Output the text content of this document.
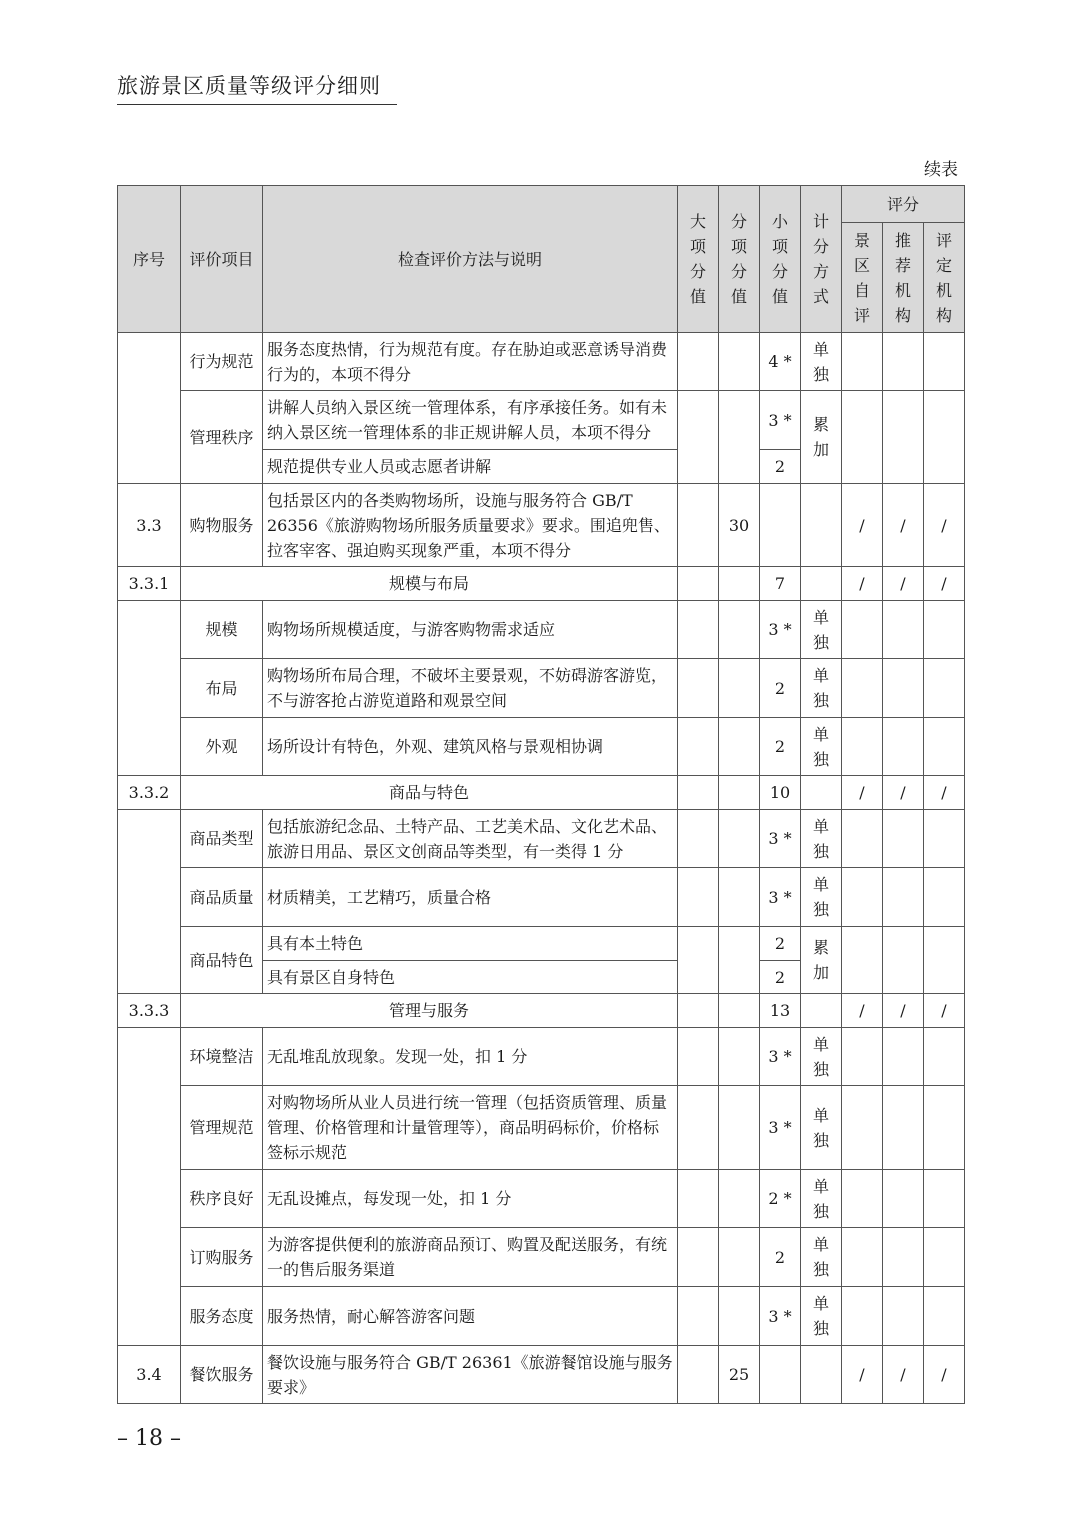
旅游景区质量等级评分细则
续表
序号	评价项目	检查评价方法与说明	大项分值	分项分值	小项分值	计分方式	评分		

							景区自评	推荐机构	评定机构

	行为规范	服务态度热情，行为规范有度。存在胁迫或恶意诱导消费行为的，本项不得分			4 *	单独			

	管理秩序	讲解人员纳入景区统一管理体系，有序承接任务。如有未纳入景区统一管理体系的非正规讲解人员，本项不得分			3 *	累加			

		规范提供专业人员或志愿者讲解			2				
3.3	购物服务	包括景区内的各类购物场所，设施与服务符合 GB/T 26356《旅游购物场所服务质量要求》要求。围追兜售、拉客宰客、强迫购买现象严重，本项不得分		30			/	/	/
3.3.1	规模与布局				7		/	/	/
	规模	购物场所规模适度，与游客购物需求适应			3 *	单独			

	布局	购物场所布局合理，不破坏主要景观，不妨碍游客游览，不与游客抢占游览道路和观景空间			2	单独			

	外观	场所设计有特色，外观、建筑风格与景观相协调			2	单独			

3.3.2	商品与特色				10		/	/	/
	商品类型	包括旅游纪念品、土特产品、工艺美术品、文化艺术品、旅游日用品、景区文创商品等类型，有一类得 1 分			3 *	单独			

	商品质量	材质精美，工艺精巧，质量合格			3 *	单独			

	商品特色	具有本土特色			2	累加			

		具有景区自身特色			2				
3.3.3	管理与服务				13		/	/	/
	环境整洁	无乱堆乱放现象。发现一处，扣 1 分			3 *	单独			

	管理规范	对购物场所从业人员进行统一管理（包括资质管理、质量管理、价格管理和计量管理等），商品明码标价，价格标签标示规范			3 *	单独			

	秩序良好	无乱设摊点，每发现一处，扣 1 分			2 *	单独			

	订购服务	为游客提供便利的旅游商品预订、购置及配送服务，有统一的售后服务渠道			2	单独			

	服务态度	服务热情，耐心解答游客问题			3 *	单独			

3.4	餐饮服务	餐饮设施与服务符合 GB/T 26361《旅游餐馆设施与服务要求》		25			/	/	/
– 18 –
